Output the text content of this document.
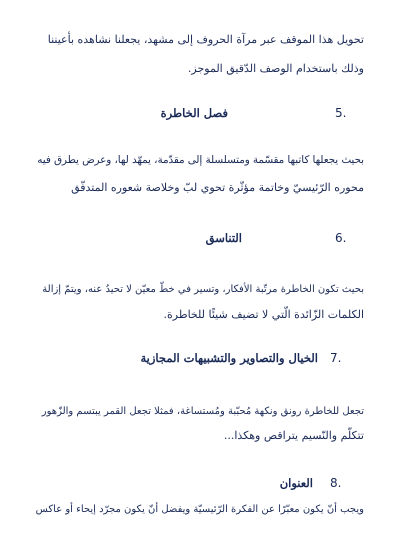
تحويل هذا الموقف عبر مرآة الحروف إلى مشهد، يجعلنا نشاهده بأعيننا
وذلك باستخدام الوصف الدّقيق الموجز.
5.
فصل الخاطرة
بحيث يجعلها كاتبها مقسّمة ومتسلسلة إلى مقدّمة، يمهّد لها، وعرض يطرق فيه
محوره الرّئيسيّ وخاتمة مؤثّرة تحوي لبّ وخلاصة شعوره المتدفّق
6.
التناسق
بحيث تكون الخاطرة مرتّبة الأفكار، وتسير في خطّ معيّن لا تحيدُ عنه، ويتمّ إزالة
الكلمات الزّائدة الّتي لا تضيف شيئًا للخاطرة.
7.
الخيال والتصاوير والتشبيهات المجازية
تجعل للخاطرة رونق ونكهة مُحبّبة ومُستساغة، فمثلا تجعل القمر يبتسم والزّهور
تتكلّم والنّسيم يتراقص وهكذا...
8.
العنوان
ويجب أنّ يكون معبّرًا عن الفكرة الرّئيسيّة ويفضل أنّ يكون مجرّد إيحاء أو عاكس
